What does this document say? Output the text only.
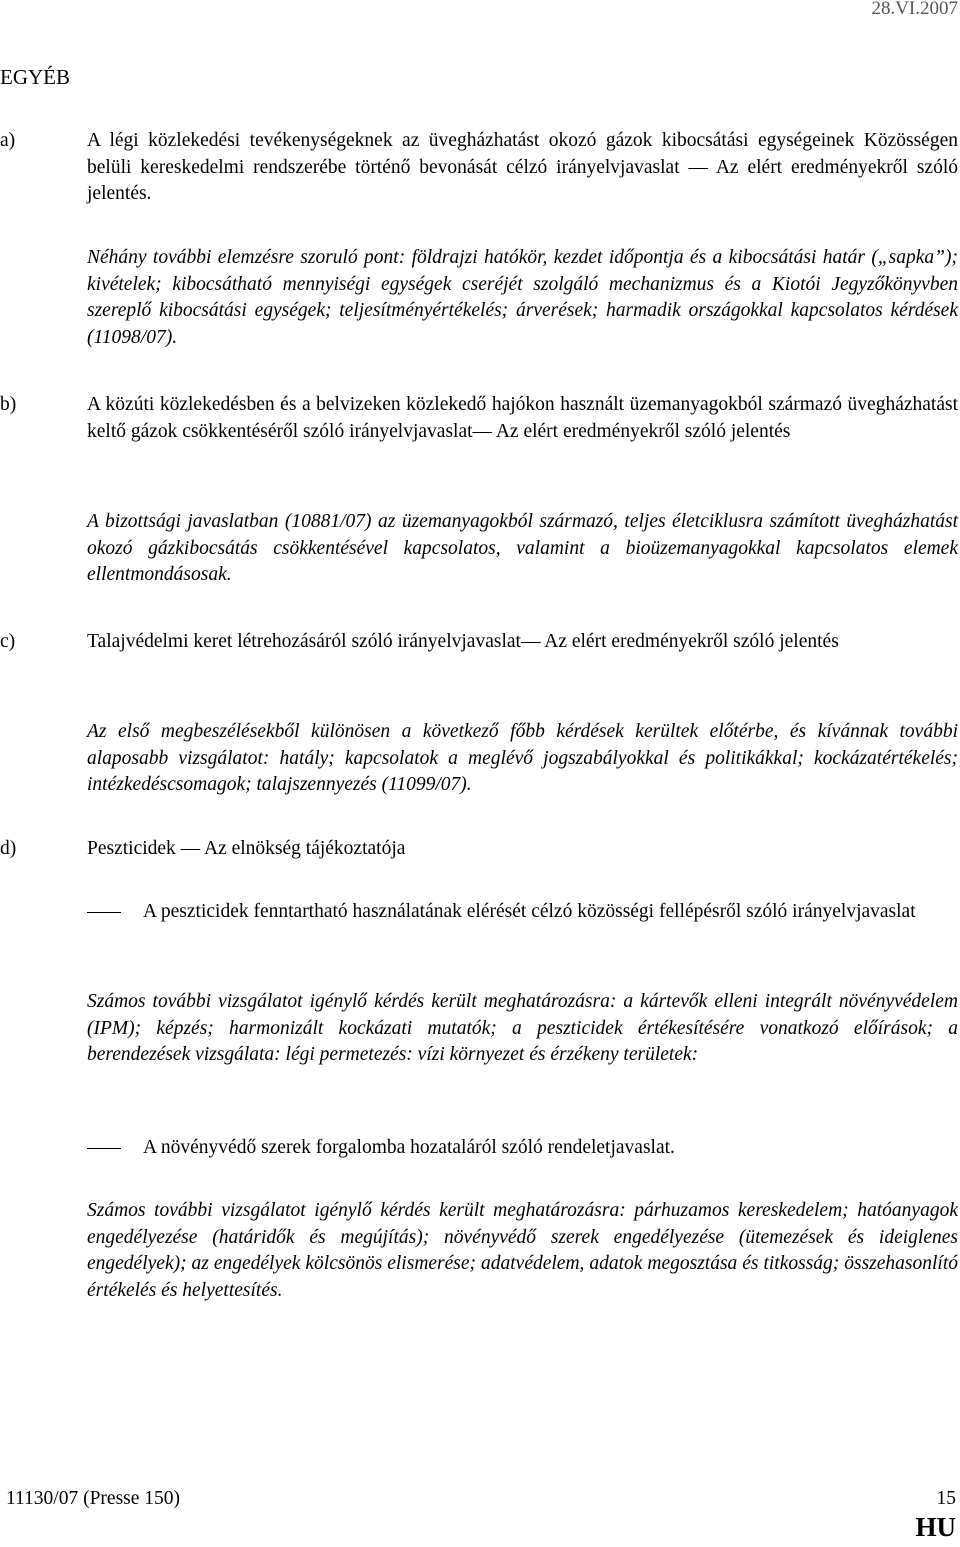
28.VI.2007
EGYÉB
a)	A légi közlekedési tevékenységeknek az üvegházhatást okozó gázok kibocsátási egységeinek Közösségen belüli kereskedelmi rendszerébe történő bevonását célzó irányelvjavaslat ― Az elért eredményekről szóló jelentés.
Néhány további elemzésre szoruló pont: földrajzi hatókör, kezdet időpontja és a kibocsátási határ („sapka”); kivételek; kibocsátható mennyiségi egységek cseréjét szolgáló mechanizmus és a Kiotói Jegyzőkönyvben szereplő kibocsátási egységek; teljesítményértékelés; árverések; harmadik országokkal kapcsolatos kérdések (11098/07).
b)	A közúti közlekedésben és a belvizeken közlekedő hajókon használt üzemanyagokból származó üvegházhatást keltő gázok csökkentéséről szóló irányelvjavaslat― Az elért eredményekről szóló jelentés
A bizottsági javaslatban (10881/07) az üzemanyagokból származó, teljes életciklusra számított üvegházhatást okozó gázkibocsátás csökkentésével kapcsolatos, valamint a bioüzemanyagokkal kapcsolatos elemek ellentmondásosak.
c)	Talajvédelmi keret létrehozásáról szóló irányelvjavaslat― Az elért eredményekről szóló jelentés
Az első megbeszélésekből különösen a következő főbb kérdések kerültek előtérbe, és kívánnak további alaposabb vizsgálatot: hatály; kapcsolatok a meglévő jogszabályokkal és politikákkal; kockázatértékelés; intézkedéscsomagok; talajszennyezés (11099/07).
d)	Peszticidek ― Az elnökség tájékoztatója
A peszticidek fenntartható használatának elérését célzó közösségi fellépésről szóló irányelvjavaslat
Számos további vizsgálatot igénylő kérdés került meghatározásra: a kártevők elleni integrált növényvédelem (IPM); képzés; harmonizált kockázati mutatók; a peszticidek értékesítésére vonatkozó előírások; a berendezések vizsgálata: légi permetezés: vízi környezet és érzékeny területek:
A növényvédő szerek forgalomba hozataláról szóló rendeletjavaslat.
Számos további vizsgálatot igénylő kérdés került meghatározásra: párhuzamos kereskedelem; hatóanyagok engedélyezése (határidők és megújítás); növényvédő szerek engedélyezése (ütemezések és ideiglenes engedélyek); az engedélyek kölcsönös elismerése; adatvédelem, adatok megosztása és titkosság; összehasonlító értékelés és helyettesítés.
11130/07 (Presse 150)	15
HU
